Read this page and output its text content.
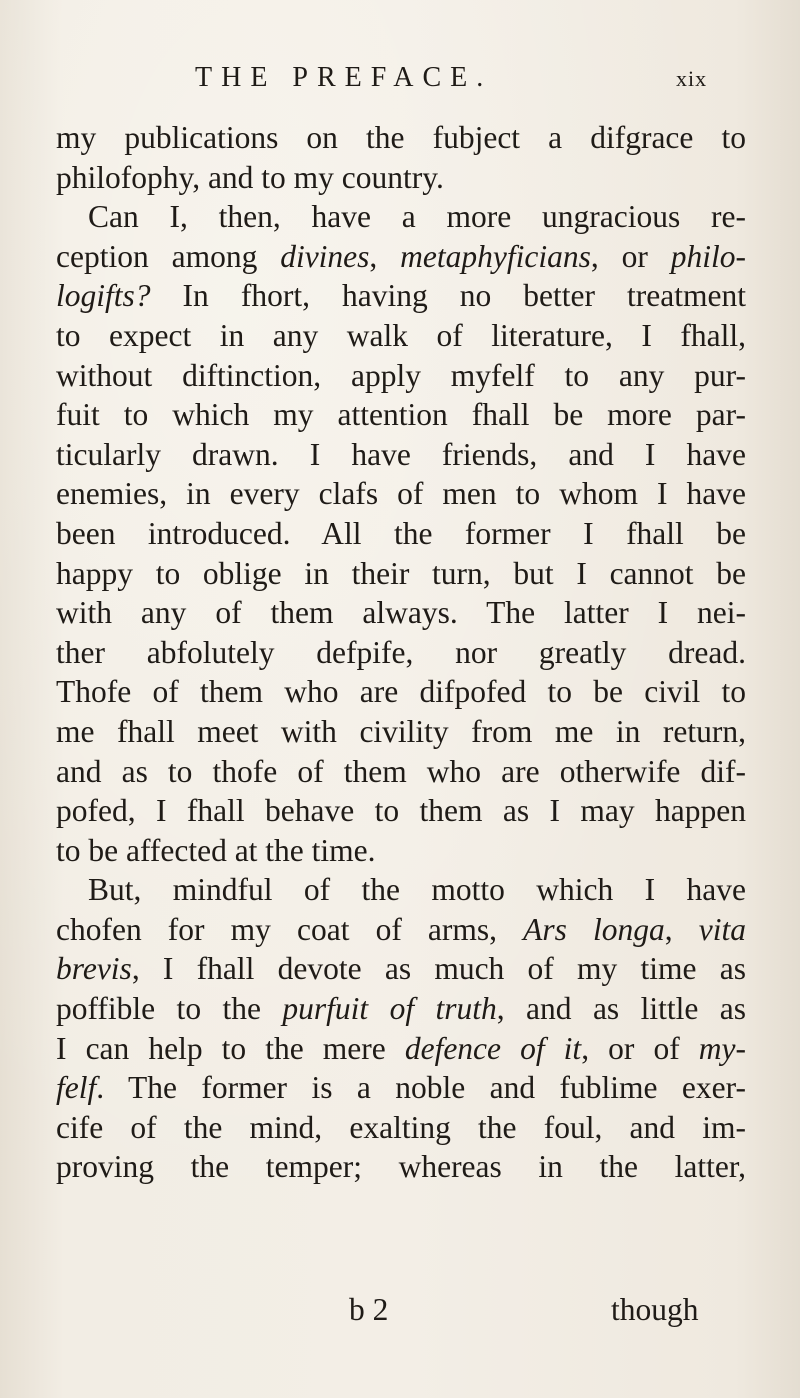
THE PREFACE.	xix
my publications on the fubject a difgrace to
philofophy, and to my country.
Can I, then, have a more ungracious re-
ception among divines, metaphyficians, or philo-
logifts? In fhort, having no better treatment
to expect in any walk of literature, I fhall,
without diftinction, apply myfelf to any pur-
fuit to which my attention fhall be more par-
ticularly drawn. I have friends, and I have
enemies, in every clafs of men to whom I have
been introduced. All the former I fhall be
happy to oblige in their turn, but I cannot be
with any of them always. The latter I nei-
ther abfolutely defpife, nor greatly dread.
Thofe of them who are difpofed to be civil to
me fhall meet with civility from me in return,
and as to thofe of them who are otherwife dif-
pofed, I fhall behave to them as I may happen
to be affected at the time.
But, mindful of the motto which I have
chofen for my coat of arms, Ars longa, vita
brevis, I fhall devote as much of my time as
poffible to the purfuit of truth, and as little as
I can help to the mere defence of it, or of my-
felf. The former is a noble and fublime exer-
cife of the mind, exalting the foul, and im-
proving the temper; whereas in the latter,
b 2	though
